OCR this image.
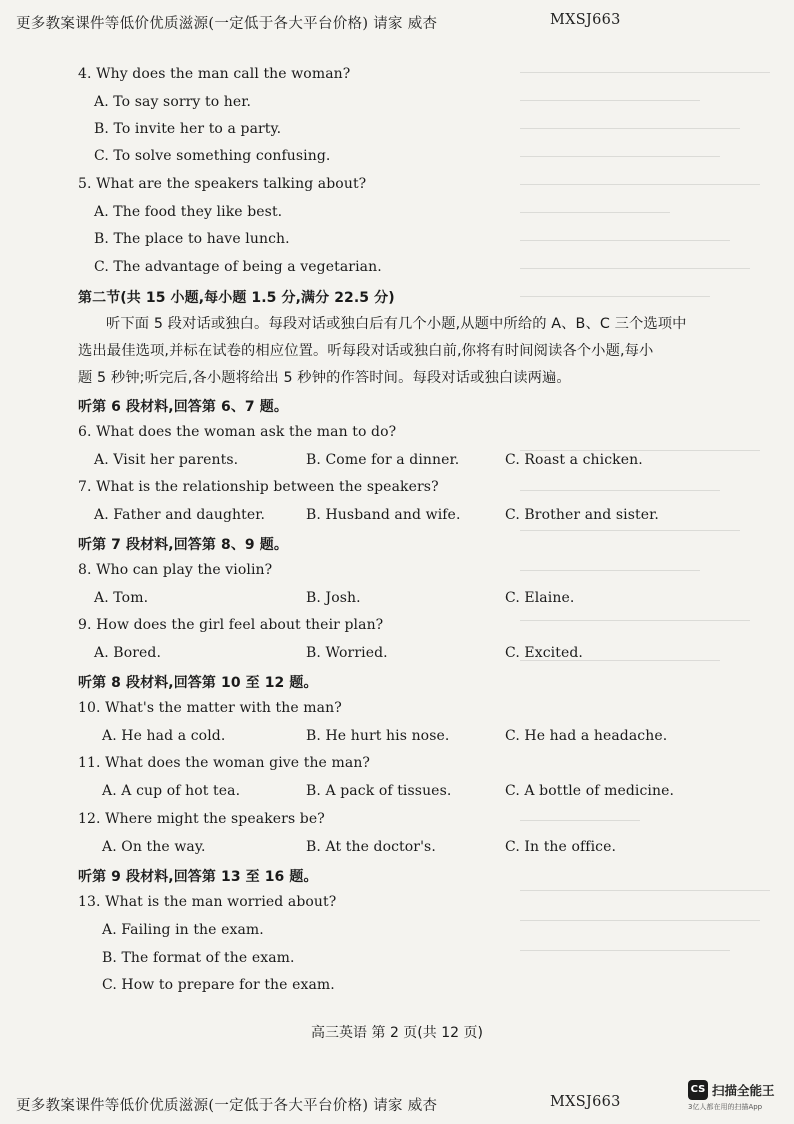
更多教案课件等低价优质滋源(一定低于各大平台价格) 请家 威杏	MXSJ663
4. Why does the man call the woman?
A. To say sorry to her.
B. To invite her to a party.
C. To solve something confusing.
5. What are the speakers talking about?
A. The food they like best.
B. The place to have lunch.
C. The advantage of being a vegetarian.
第二节(共 15 小题,每小题 1.5 分,满分 22.5 分)
听下面 5 段对话或独白。每段对话或独白后有几个小题,从题中所给的 A、B、C 三个选项中
选出最佳选项,并标在试卷的相应位置。听每段对话或独白前,你将有时间阅读各个小题,每小
题 5 秒钟;听完后,各小题将给出 5 秒钟的作答时间。每段对话或独白读两遍。
听第 6 段材料,回答第 6、7 题。
6. What does the woman ask the man to do?
A. Visit her parents.	B. Come for a dinner.	C. Roast a chicken.
7. What is the relationship between the speakers?
A. Father and daughter.	B. Husband and wife.	C. Brother and sister.
听第 7 段材料,回答第 8、9 题。
8. Who can play the violin?
A. Tom.	B. Josh.	C. Elaine.
9. How does the girl feel about their plan?
A. Bored.	B. Worried.	C. Excited.
听第 8 段材料,回答第 10 至 12 题。
10. What's the matter with the man?
A. He had a cold.	B. He hurt his nose.	C. He had a headache.
11. What does the woman give the man?
A. A cup of hot tea.	B. A pack of tissues.	C. A bottle of medicine.
12. Where might the speakers be?
A. On the way.	B. At the doctor's.	C. In the office.
听第 9 段材料,回答第 13 至 16 题。
13. What is the man worried about?
A. Failing in the exam.
B. The format of the exam.
C. How to prepare for the exam.
高三英语 第 2 页(共 12 页)
更多教案课件等低价优质滋源(一定低于各大平台价格) 请家 威杏	MXSJ663
CS 扫描全能王
3亿人都在用的扫描App
